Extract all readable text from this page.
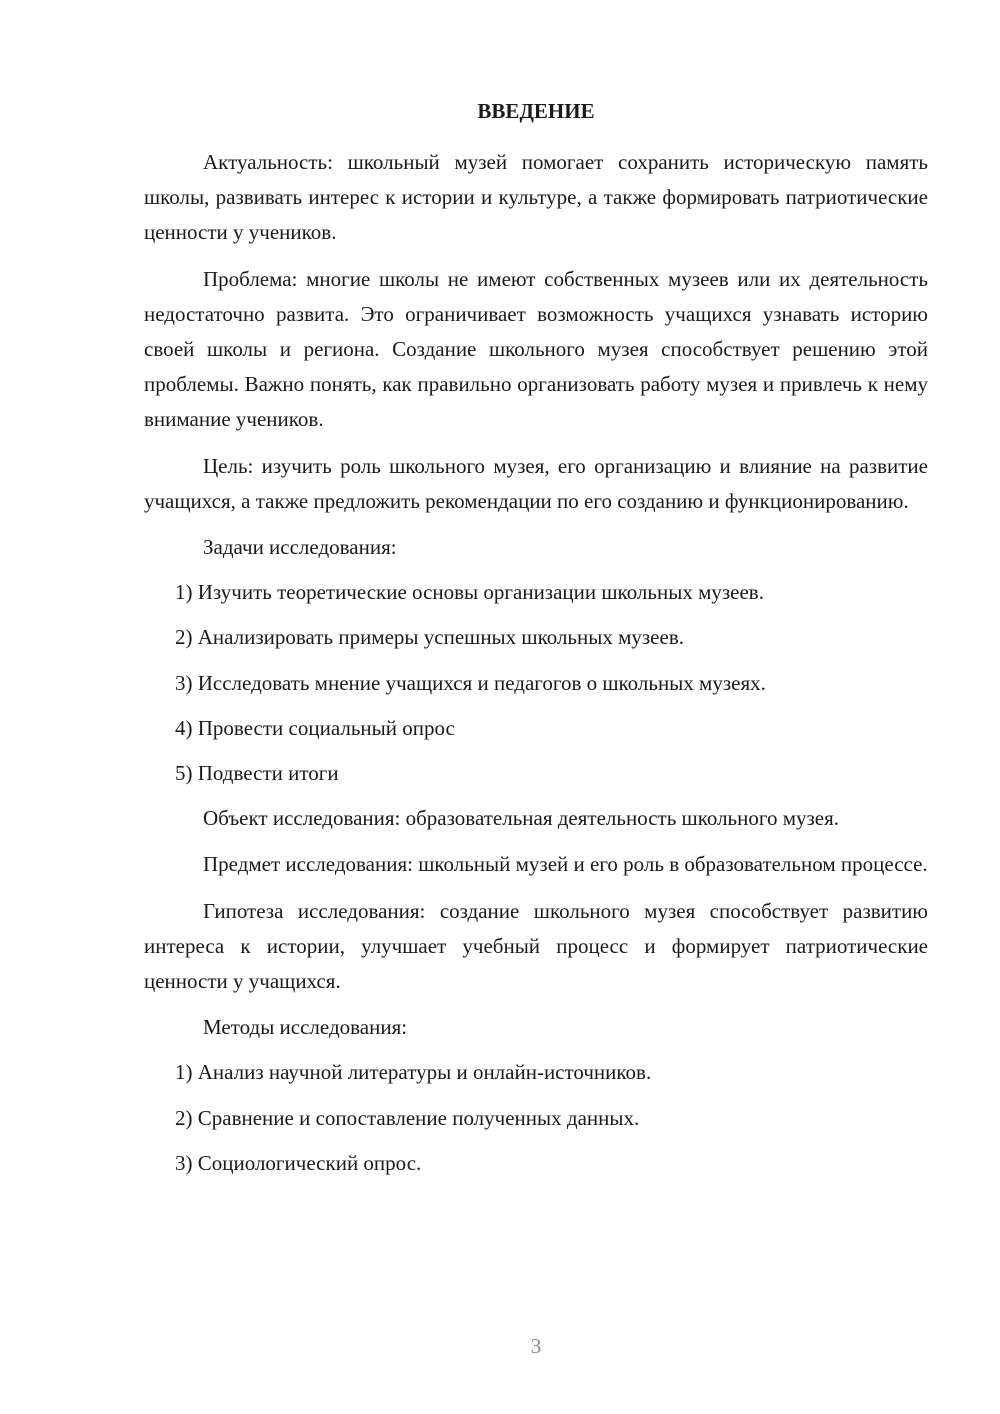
ВВЕДЕНИЕ

Актуальность: школьный музей помогает сохранить историческую память школы, развивать интерес к истории и культуре, а также формировать патриотические ценности у учеников.

Проблема: многие школы не имеют собственных музеев или их деятельность недостаточно развита. Это ограничивает возможность учащихся узнавать историю своей школы и региона. Создание школьного музея способствует решению этой проблемы. Важно понять, как правильно организовать работу музея и привлечь к нему внимание учеников.

Цель: изучить роль школьного музея, его организацию и влияние на развитие учащихся, а также предложить рекомендации по его созданию и функционированию.

Задачи исследования:

1) Изучить теоретические основы организации школьных музеев.
2) Анализировать примеры успешных школьных музеев.
3) Исследовать мнение учащихся и педагогов о школьных музеях.
4) Провести социальный опрос
5) Подвести итоги

Объект исследования: образовательная деятельность школьного музея.

Предмет исследования: школьный музей и его роль в образовательном процессе.

Гипотеза исследования: создание школьного музея способствует развитию интереса к истории, улучшает учебный процесс и формирует патриотические ценности у учащихся.

Методы исследования:

1) Анализ научной литературы и онлайн-источников.
2) Сравнение и сопоставление полученных данных.
3) Социологический опрос.
3
